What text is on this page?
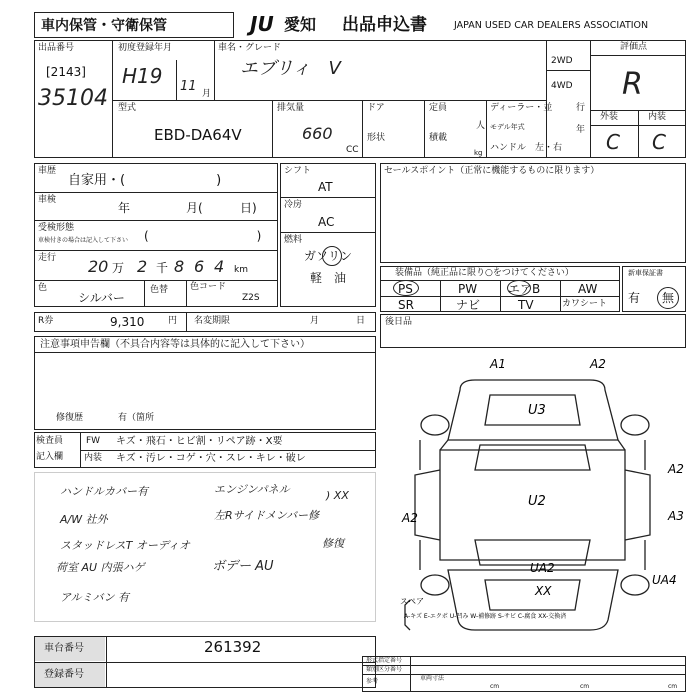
車内保管・守衛保管	JU 愛知 出品申込書	JAPAN USED CAR DEALERS ASSOCIATION
出品番号
[2143]
35104
初度登録年月
H19 11 月
車名・グレード
エブリィ　V	2WD
4WD
評価点
R
外装	内装
C C
型式
EBD-DA64V
排気量
660
CC
ドア
形状
定員
人
積載
kg
ディーラー・並	行
モデル年式	年
ハンドル　左・右
車歴
自家用・(　　　　　　　)
車検
年	月(	日)
受検形態
車検付きの場合は記入して下さい (　　　　　　　　　)
走行 20 万 2 千 8 6 4 km
色
シルバー
色替 色コード
Z2S
シフト
AT
冷房
AC
燃料
ガソリン
軽　油
セールスポイント（正常に機能するものに限ります）
装備品（純正品に限り○をつけてください）
PS	PW	エアB	AW
SR	ナビ	TV	カワシート
新車保証書
有 無
R券	9,310	円 名変期限	月	日 後日品
注意事項申告欄（不具合内容等は具体的に記入して下さい）
修復歴	有（箇所
検査員
記入欄
FW キズ・飛石・ヒビ割・リペア跡・X要
内装 キズ・汚レ・コゲ・穴・スレ・キレ・破レ
ハンドルカバー有	エンジンパネル	) XX
A/W 社外	左Rサイドメンバー修
スタッドレスT オーディオ	修復
荷室 AU 内張ハゲ	ボデー AU
アルミバン 有
車台番号	261392
登録番号
A1	A2
U3
U2
A2
A2
A3
UA2
XX
UA4
スペア
A-キズ E-エクボ U-凹み W-補修跡 S-サビ C-腐食 XX-交換済
形式指定番号
類別区分番号
参考	車両寸法
cm	cm	cm
